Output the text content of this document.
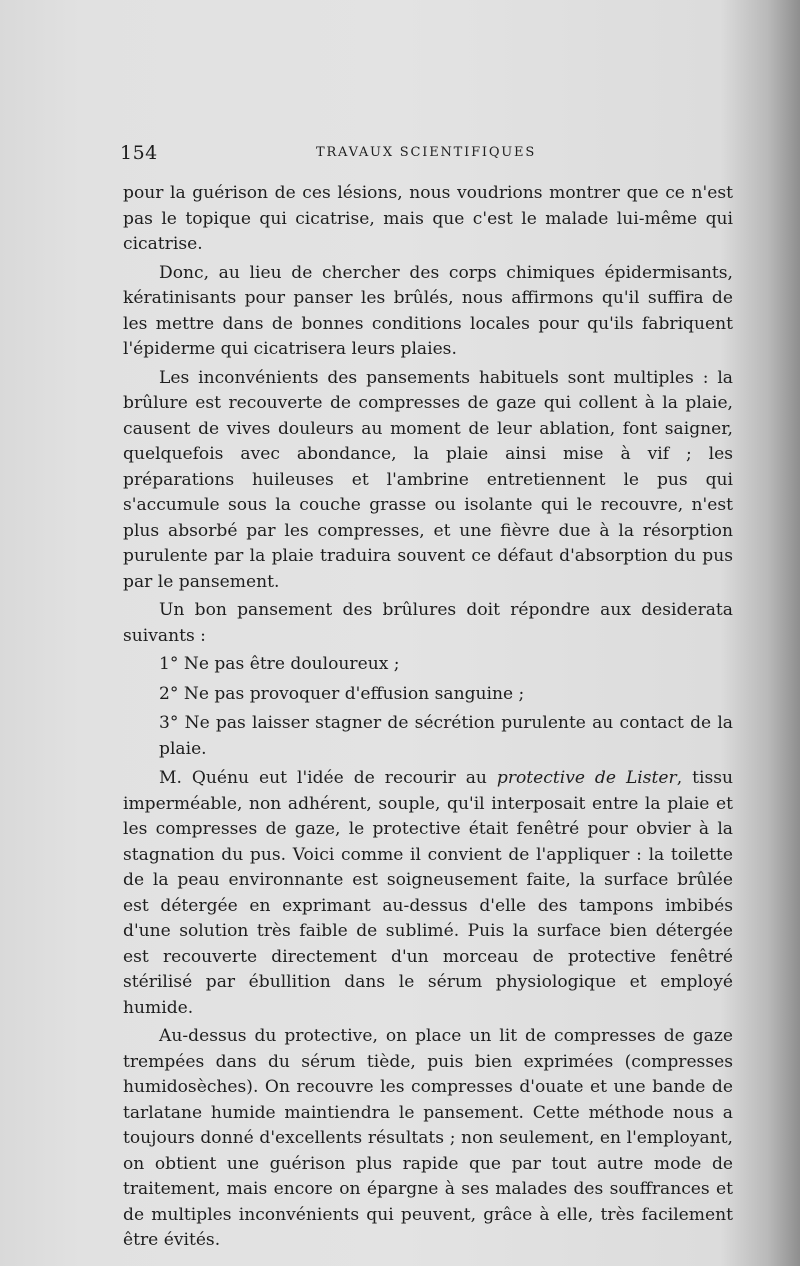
154	TRAVAUX SCIENTIFIQUES

pour la guérison de ces lésions, nous voudrions montrer que ce n'est pas le topique qui cicatrise, mais que c'est le malade lui-même qui cicatrise.

Donc, au lieu de chercher des corps chimiques épidermisants, kératinisants pour panser les brûlés, nous affirmons qu'il suffira de les mettre dans de bonnes conditions locales pour qu'ils fabriquent l'épiderme qui cicatrisera leurs plaies.

Les inconvénients des pansements habituels sont multiples : la brûlure est recouverte de compresses de gaze qui collent à la plaie, causent de vives douleurs au moment de leur ablation, font saigner, quelquefois avec abondance, la plaie ainsi mise à vif ; les préparations huileuses et l'ambrine entretiennent le pus qui s'accumule sous la couche grasse ou isolante qui le recouvre, n'est plus absorbé par les compresses, et une fièvre due à la résorption purulente par la plaie traduira souvent ce défaut d'absorption du pus par le pansement.

Un bon pansement des brûlures doit répondre aux desiderata suivants :

1° Ne pas être douloureux ;

2° Ne pas provoquer d'effusion sanguine ;

3° Ne pas laisser stagner de sécrétion purulente au contact de la plaie.

M. Quénu eut l'idée de recourir au protective de Lister, tissu imperméable, non adhérent, souple, qu'il interposait entre la plaie et les compresses de gaze, le protective était fenêtré pour obvier à la stagnation du pus. Voici comme il convient de l'appliquer : la toilette de la peau environnante est soigneusement faite, la surface brûlée est détergée en exprimant au-dessus d'elle des tampons imbibés d'une solution très faible de sublimé. Puis la surface bien détergée est recouverte directement d'un morceau de protective fenêtré stérilisé par ébullition dans le sérum physiologique et employé humide.

Au-dessus du protective, on place un lit de compresses de gaze trempées dans du sérum tiède, puis bien exprimées (compresses humidosèches). On recouvre les compresses d'ouate et une bande de tarlatane humide maintiendra le pansement. Cette méthode nous a toujours donné d'excellents résultats ; non seulement, en l'employant, on obtient une guérison plus rapide que par tout autre mode de traitement, mais encore on épargne à ses malades des souffrances et de multiples inconvénients qui peuvent, grâce à elle, très facilement être évités.
